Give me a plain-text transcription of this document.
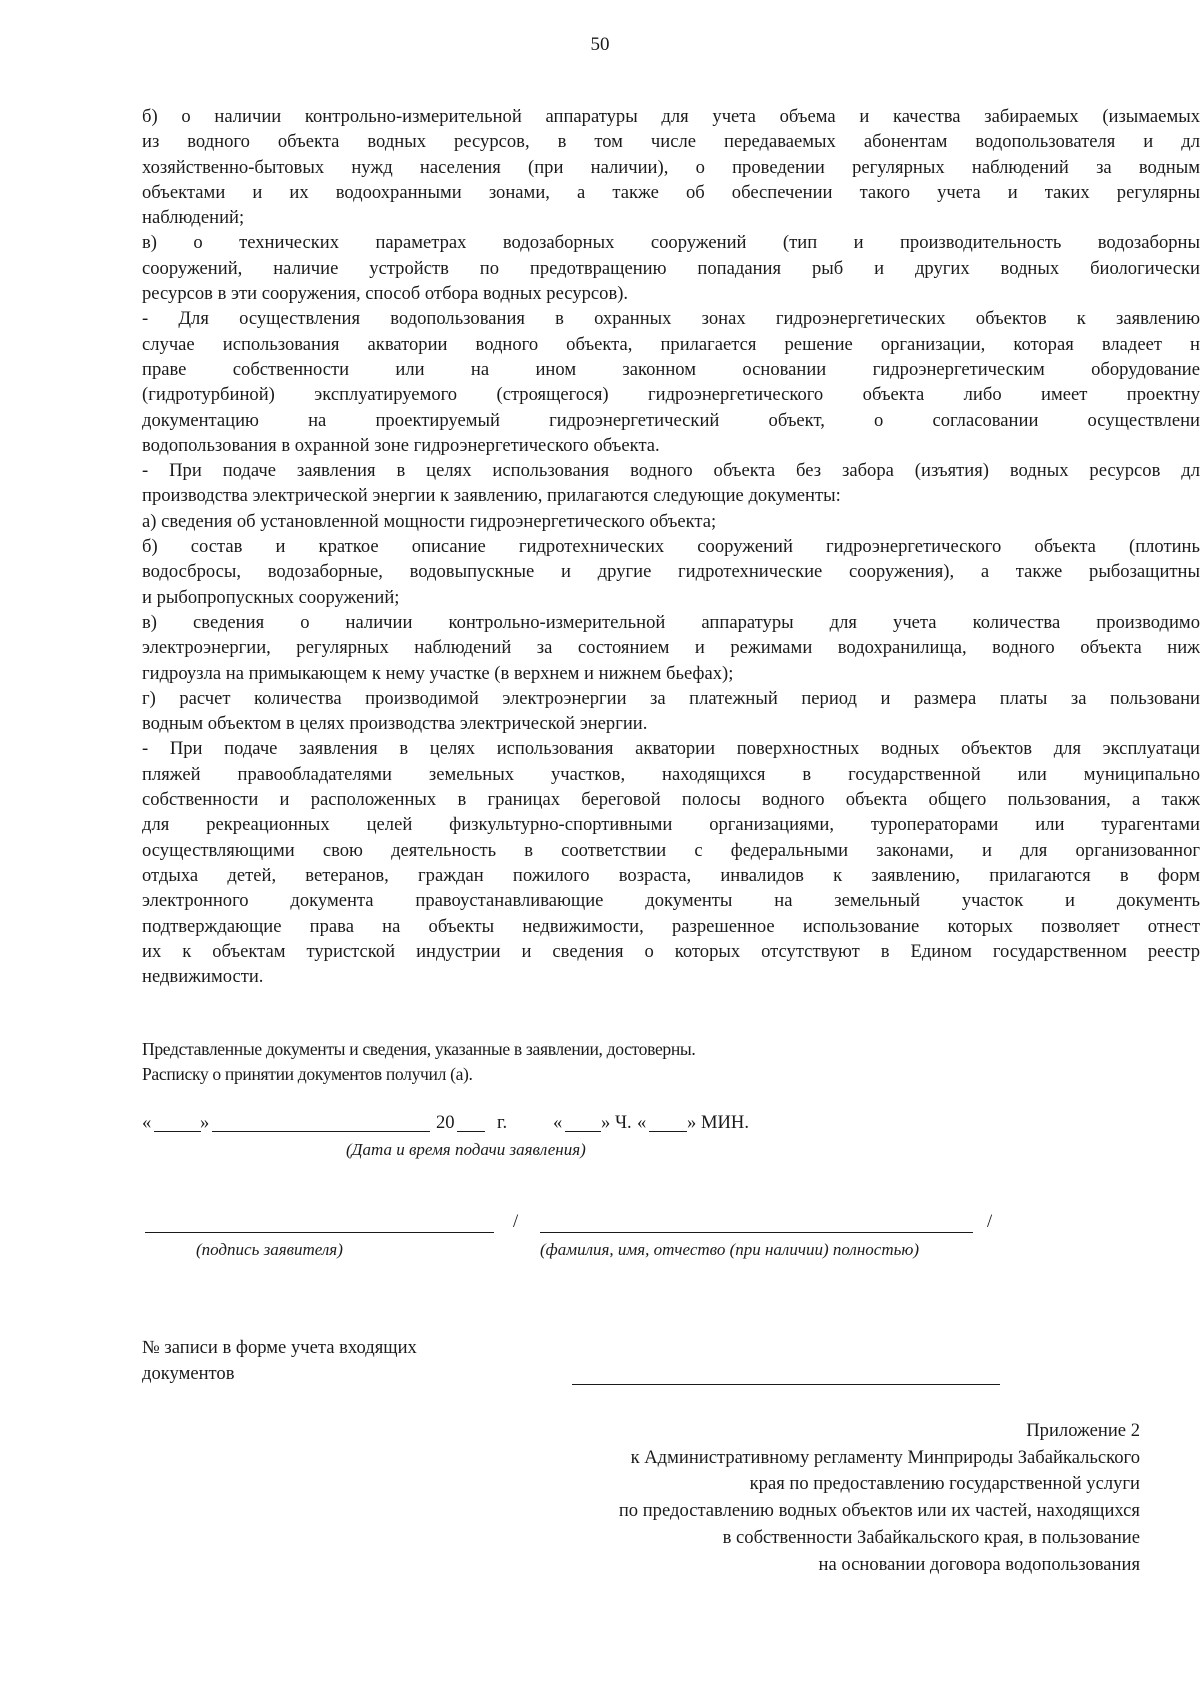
50

б) о наличии контрольно-измерительной аппаратуры для учета объема и качества забираемых (изымаемых

из водного объекта водных ресурсов, в том числе передаваемых абонентам водопользователя и дл

хозяйственно-бытовых нужд населения (при наличии), о проведении регулярных наблюдений за водным

объектами и их водоохранными зонами, а также об обеспечении такого учета и таких регулярны

наблюдений;

в) о технических параметрах водозаборных сооружений (тип и производительность водозаборны

сооружений, наличие устройств по предотвращению попадания рыб и других водных биологически

ресурсов в эти сооружения, способ отбора водных ресурсов).

- Для осуществления водопользования в охранных зонах гидроэнергетических объектов к заявлению

случае использования акватории водного объекта, прилагается решение организации, которая владеет н

праве собственности или на ином законном основании гидроэнергетическим оборудование

(гидротурбиной) эксплуатируемого (строящегося) гидроэнергетического объекта либо имеет проектну

документацию на проектируемый гидроэнергетический объект, о согласовании осуществлени

водопользования в охранной зоне гидроэнергетического объекта.

- При подаче заявления в целях использования водного объекта без забора (изъятия) водных ресурсов дл

производства электрической энергии к заявлению, прилагаются следующие документы:

а) сведения об установленной мощности гидроэнергетического объекта;

б) состав и краткое описание гидротехнических сооружений гидроэнергетического объекта (плотинь

водосбросы, водозаборные, водовыпускные и другие гидротехнические сооружения), а также рыбозащитны

и рыбопропускных сооружений;

в) сведения о наличии контрольно-измерительной аппаратуры для учета количества производимо

электроэнергии, регулярных наблюдений за состоянием и режимами водохранилища, водного объекта ниж

гидроузла на примыкающем к нему участке (в верхнем и нижнем бьефах);

г) расчет количества производимой электроэнергии за платежный период и размера платы за пользовани

водным объектом в целях производства электрической энергии.

- При подаче заявления в целях использования акватории поверхностных водных объектов для эксплуатаци

пляжей правообладателями земельных участков, находящихся в государственной или муниципально

собственности и расположенных в границах береговой полосы водного объекта общего пользования, а такж

для рекреационных целей физкультурно-спортивными организациями, туроператорами или турагентами

осуществляющими свою деятельность в соответствии с федеральными законами, и для организованног

отдыха детей, ветеранов, граждан пожилого возраста, инвалидов к заявлению, прилагаются в форм

электронного документа правоустанавливающие документы на земельный участок и документь

подтверждающие права на объекты недвижимости, разрешенное использование которых позволяет отнест

их к объектам туристской индустрии и сведения о которых отсутствуют в Едином государственном реестр

недвижимости.

Представленные документы и сведения, указанные в заявлении, достоверны.

Расписку о принятии документов получил (а).

«	»	20 г. « » Ч. « » МИН.
(Дата и время подачи заявления)
/	/
(подпись заявителя)	(фамилия, имя, отчество (при наличии) полностью)

№ записи в форме учета входящих

документов

Приложение 2

к Административному регламенту Минприроды Забайкальского

края по предоставлению государственной услуги

по предоставлению водных объектов или их частей, находящихся

в собственности Забайкальского края, в пользование

на основании договора водопользования
